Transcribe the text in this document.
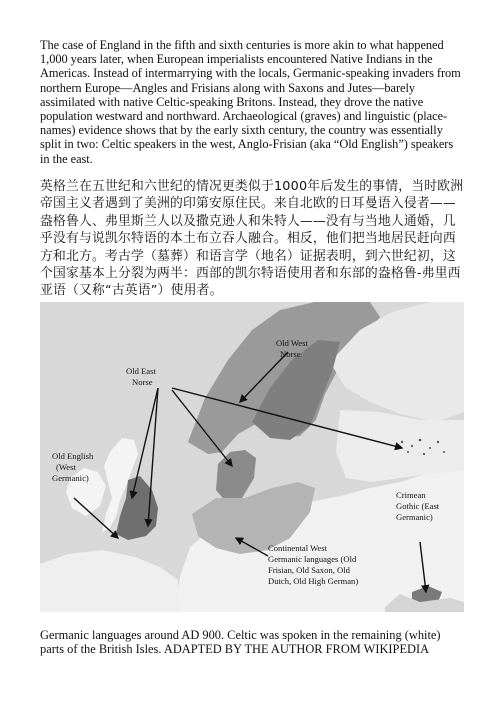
The case of England in the fifth and sixth centuries is more akin to what happened 1,000 years later, when European imperialists encountered Native Indians in the Americas. Instead of intermarrying with the locals, Germanic-speaking invaders from northern Europe—Angles and Frisians along with Saxons and Jutes—barely assimilated with native Celtic-speaking Britons. Instead, they drove the native population westward and northward. Archaeological (graves) and linguistic (place-names) evidence shows that by the early sixth century, the country was essentially split in two: Celtic speakers in the west, Anglo-Frisian (aka “Old English”) speakers in the east.

英格兰在五世纪和六世纪的情况更类似于1000年后发生的事情，当时欧洲帝国主义者遇到了美洲的印第安原住民。来自北欧的日耳曼语入侵者——盎格鲁人、弗里斯兰人以及撒克逊人和朱特人——没有与当地人通婚，几乎没有与说凯尔特语的本土布立吞人融合。相反，他们把当地居民赶向西方和北方。考古学（墓葬）和语言学（地名）证据表明，到六世纪初，这个国家基本上分裂为两半：西部的凯尔特语使用者和东部的盎格鲁-弗里西亚语（又称“古英语”）使用者。

Old West Norse
Old East Norse
Old English (West Germanic)
Crimean Gothic (East Germanic)
Continental West Germanic languages (Old Frisian, Old Saxon, Old Dutch, Old High German)

Germanic languages around AD 900. Celtic was spoken in the remaining (white) parts of the British Isles. ADAPTED BY THE AUTHOR FROM WIKIPEDIA
